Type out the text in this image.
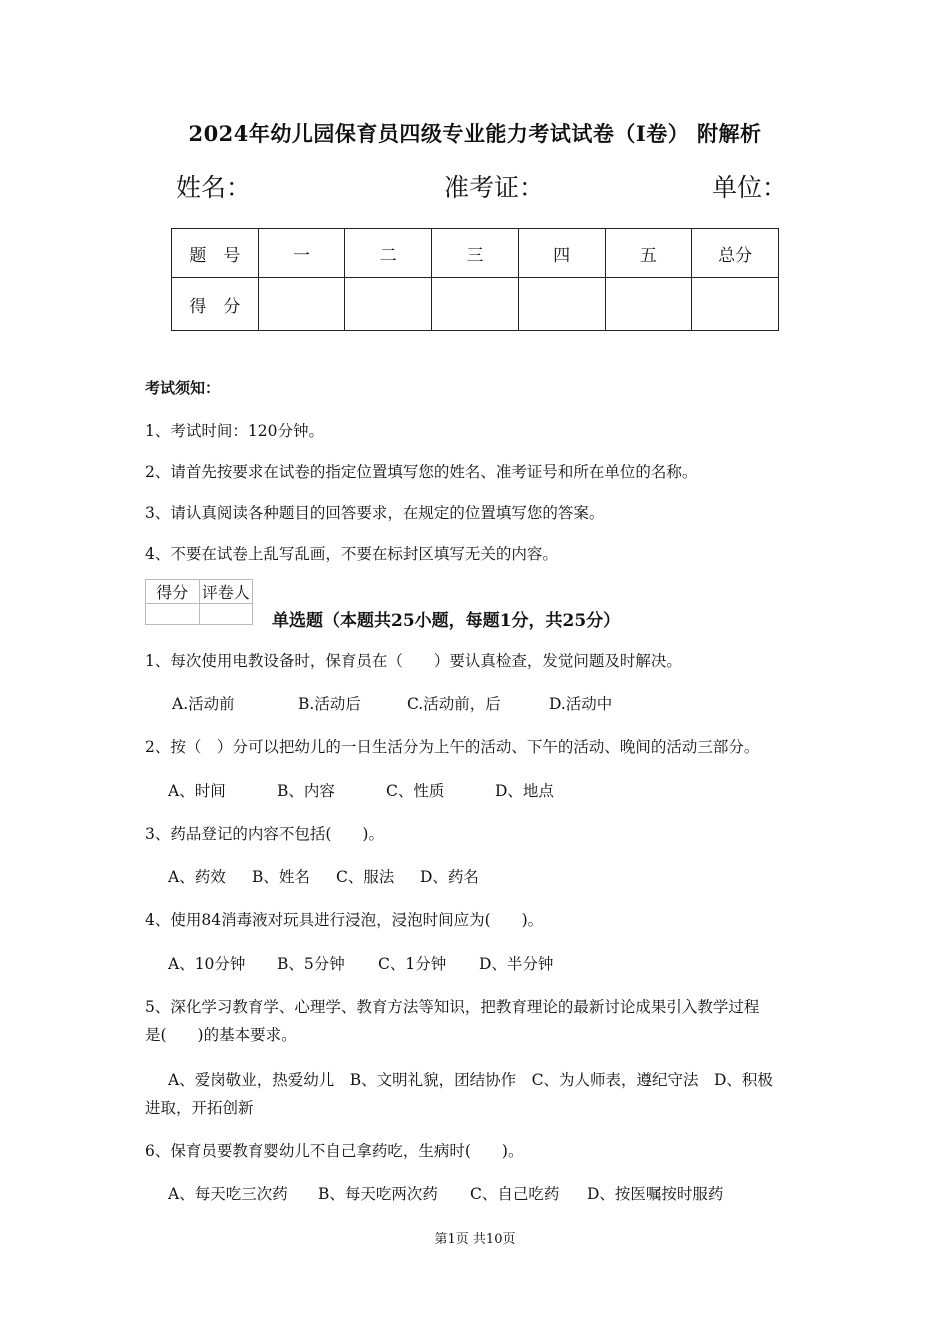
2024年幼儿园保育员四级专业能力考试试卷（I卷） 附解析
姓名：	准考证：	单位：
题　号	一	二	三	四	五	总分
得　分						
考试须知：
1、考试时间：120分钟。
2、请首先按要求在试卷的指定位置填写您的姓名、准考证号和所在单位的名称。
3、请认真阅读各种题目的回答要求，在规定的位置填写您的答案。
4、不要在试卷上乱写乱画，不要在标封区填写无关的内容。
得分	评卷人

单选题（本题共25小题，每题1分，共25分）
1、每次使用电教设备时，保育员在（　　）要认真检查，发觉问题及时解决。
A.活动前	B.活动后	C.活动前，后	D.活动中
2、按（　）分可以把幼儿的一日生活分为上午的活动、下午的活动、晚间的活动三部分。
A、时间	B、内容	C、性质	D、地点
3、药品登记的内容不包括(　　)。
A、药效 B、姓名 C、服法 D、药名
4、使用84消毒液对玩具进行浸泡，浸泡时间应为(　　)。
A、10分钟 B、5分钟 C、1分钟 D、半分钟
5、深化学习教育学、心理学、教育方法等知识，把教育理论的最新讨论成果引入教学过程
是(　　)的基本要求。
A、爱岗敬业，热爱幼儿　B、文明礼貌，团结协作　C、为人师表，遵纪守法　D、积极
进取，开拓创新
6、保育员要教育婴幼儿不自己拿药吃，生病时(　　)。
A、每天吃三次药 B、每天吃两次药 C、自己吃药 D、按医嘱按时服药
第1页 共10页
